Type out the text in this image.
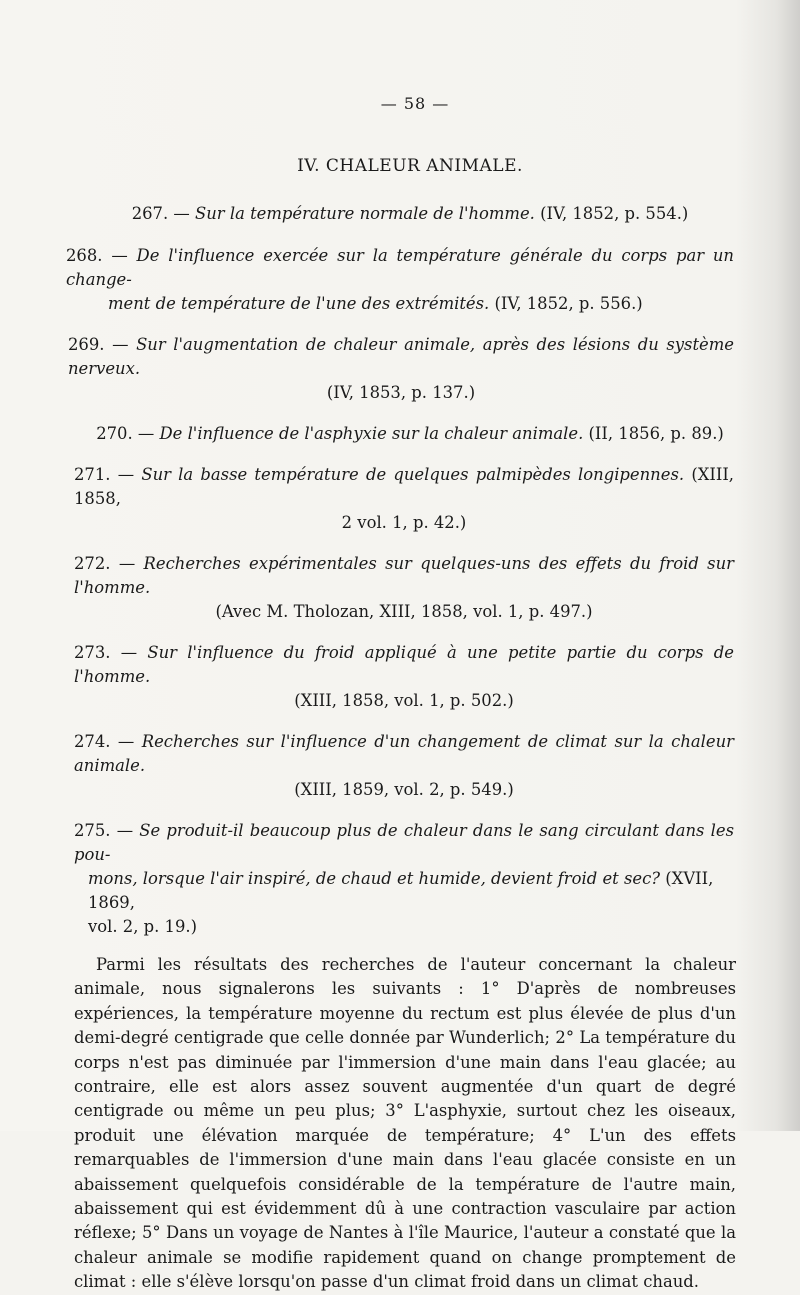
— 58 —
IV. CHALEUR ANIMALE.
267. — Sur la température normale de l'homme. (IV, 1852, p. 554.)
268. — De l'influence exercée sur la température générale du corps par un change-
ment de température de l'une des extrémités. (IV, 1852, p. 556.)
269. — Sur l'augmentation de chaleur animale, après des lésions du système nerveux.
(IV, 1853, p. 137.)
270. — De l'influence de l'asphyxie sur la chaleur animale. (II, 1856, p. 89.)
271. — Sur la basse température de quelques palmipèdes longipennes. (XIII, 1858,
2 vol. 1, p. 42.)
272. — Recherches expérimentales sur quelques-uns des effets du froid sur l'homme.
(Avec M. Tholozan, XIII, 1858, vol. 1, p. 497.)
273. — Sur l'influence du froid appliqué à une petite partie du corps de l'homme.
(XIII, 1858, vol. 1, p. 502.)
274. — Recherches sur l'influence d'un changement de climat sur la chaleur animale.
(XIII, 1859, vol. 2, p. 549.)
275. — Se produit-il beaucoup plus de chaleur dans le sang circulant dans les pou-
mons, lorsque l'air inspiré, de chaud et humide, devient froid et sec? (XVII, 1869,
vol. 2, p. 19.)

Parmi les résultats des recherches de l'auteur concernant la chaleur animale, nous signalerons les suivants : 1° D'après de nombreuses expériences, la température moyenne du rectum est plus élevée de plus d'un demi-degré centigrade que celle donnée par Wunderlich; 2° La température du corps n'est pas diminuée par l'immersion d'une main dans l'eau glacée; au contraire, elle est alors assez souvent augmentée d'un quart de degré centigrade ou même un peu plus; 3° L'asphyxie, surtout chez les oiseaux, produit une élévation marquée de température; 4° L'un des effets remarquables de l'immersion d'une main dans l'eau glacée consiste en un abaissement quelquefois considérable de la température de l'autre main, abaissement qui est évidemment dû à une contraction vasculaire par action réflexe; 5° Dans un voyage de Nantes à l'île Maurice, l'auteur a constaté que la chaleur animale se modifie rapidement quand on change promptement de climat : elle s'élève lorsqu'on passe d'un climat froid dans un climat chaud.
